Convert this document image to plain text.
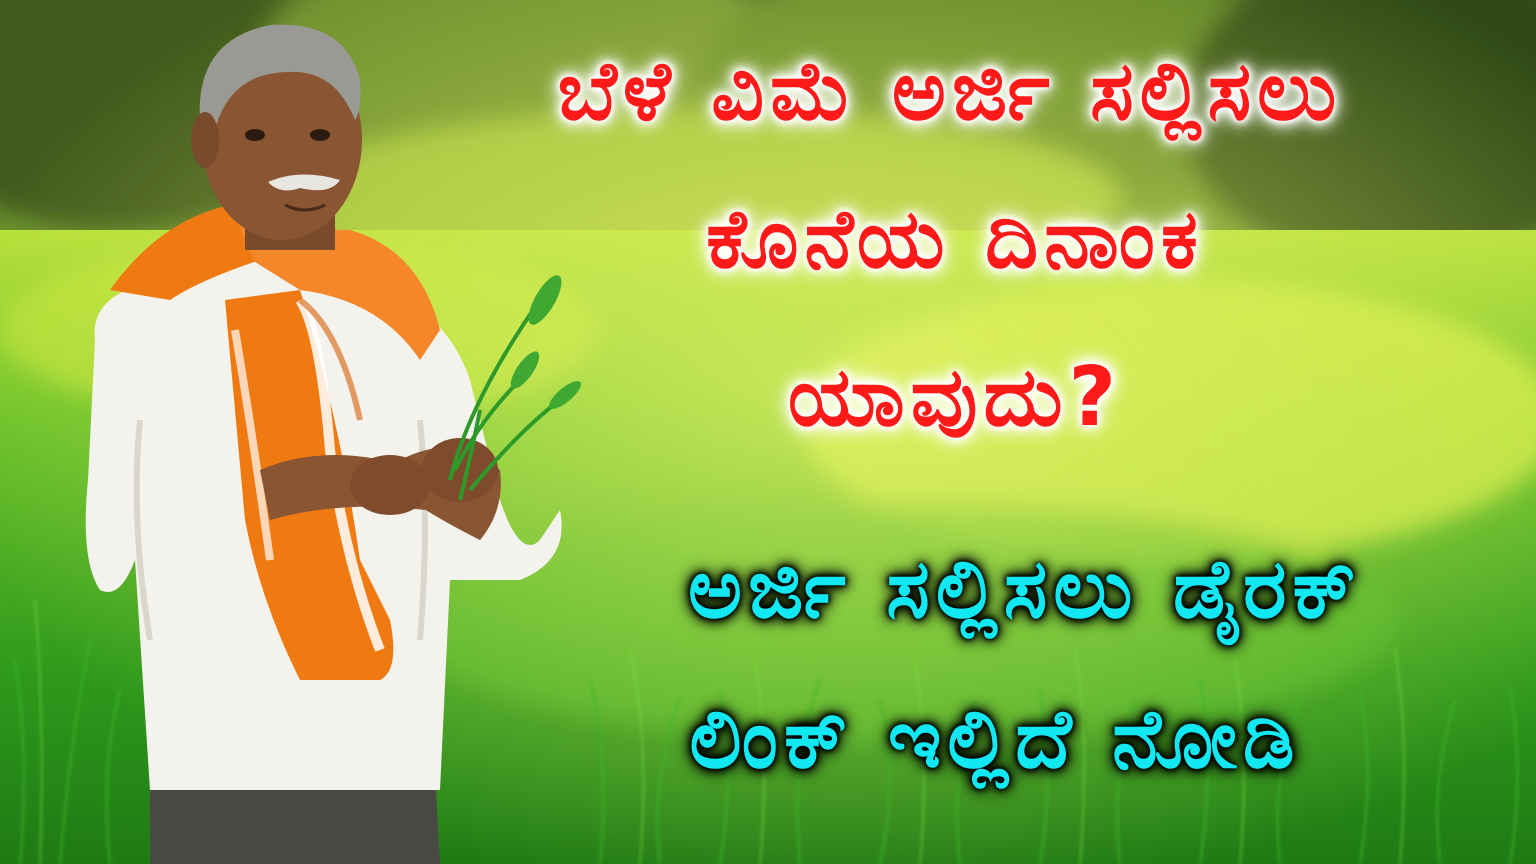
ಬೆಳೆ ವಿಮೆ ಅರ್ಜಿ ಸಲ್ಲಿಸಲು
ಕೊನೆಯ ದಿನಾಂಕ
ಯಾವುದು?
ಅರ್ಜಿ ಸಲ್ಲಿಸಲು ಡೈರಕ್
ಲಿಂಕ್ ಇಲ್ಲಿದೆ ನೋಡಿ
